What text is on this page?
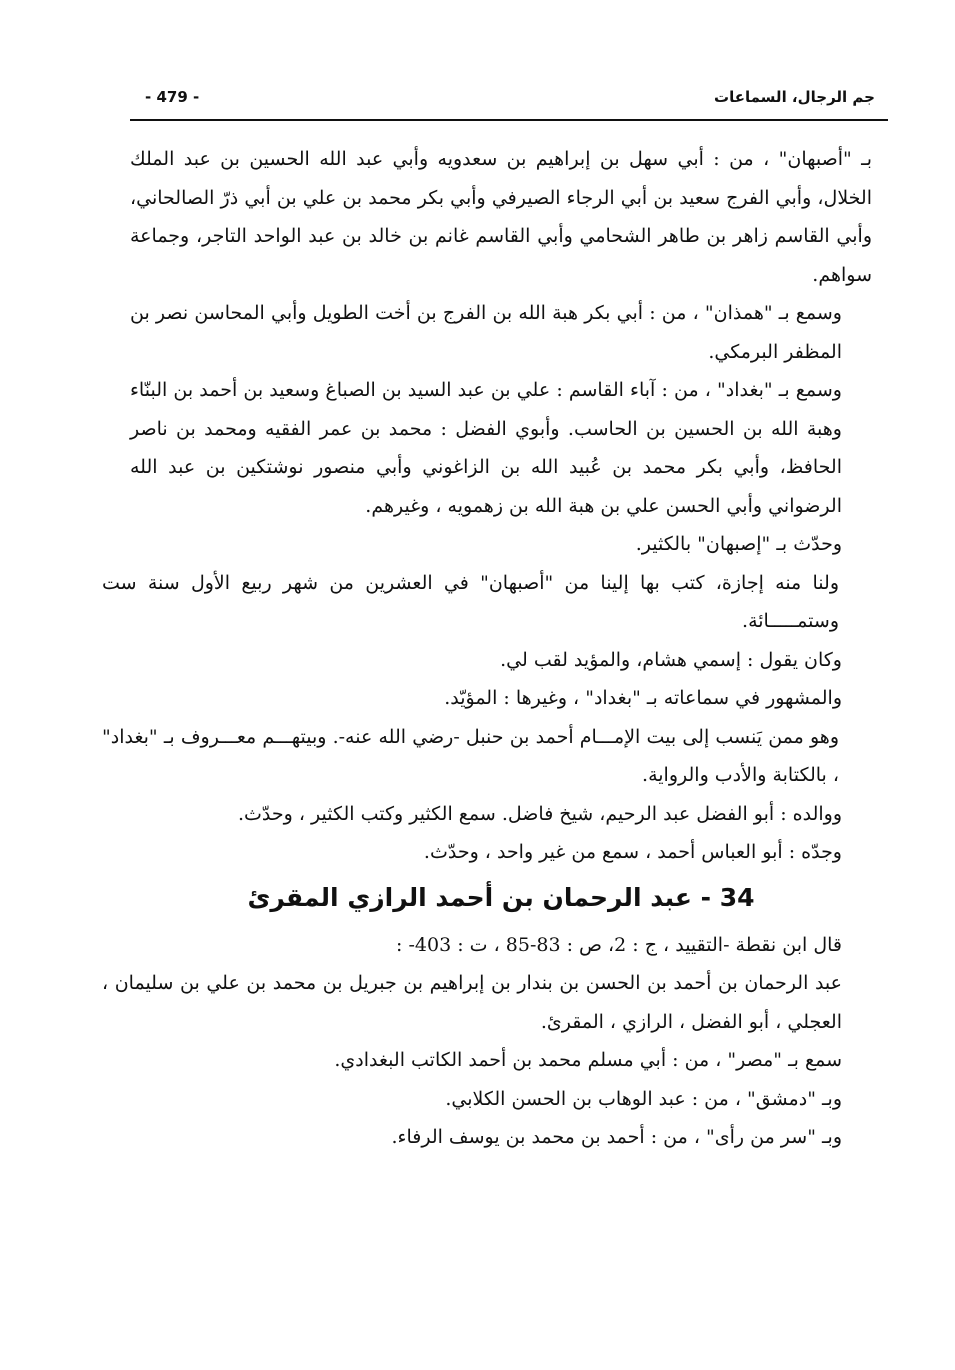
جم الرجال، السماعات
- 479 -

بـ "أصبهان" ، من : أبي سهل بن إبراهيم بن سعدويه وأبي عبد الله الحسين بن عبد الملك الخلال، وأبي الفرج سعيد بن أبي الرجاء الصيرفي وأبي بكر محمد بن علي بن أبي ذرّ الصالحاني، وأبي القاسم زاهر بن طاهر الشحامي وأبي القاسم غانم بن خالد بن عبد الواحد التاجر، وجماعة سواهم.

وسمع بـ "همذان" ، من : أبي بكر هبة الله بن الفرج بن أخت الطويل وأبي المحاسن نصر بن المظفر البرمكي.

وسمع بـ "بغداد" ، من : آباء القاسم : علي بن عبد السيد بن الصباغ وسعيد بن أحمد بن البنّاء وهبة الله بن الحسين بن الحاسب. وأبوي الفضل : محمد بن عمر الفقيه ومحمد بن ناصر الحافظ، وأبي بكر محمد بن عُبيد الله بن الزاغوني وأبي منصور نوشتكين بن عبد الله الرضواني وأبي الحسن علي بن هبة الله بن زهمويه ، وغيرهم.

وحدّث بـ "إصبهان" بالكثير.

ولنا منه إجازة، كتب بها إلينا من "أصبهان" في العشرين من شهر ربيع الأول سنة ست وستمـــــائة.

وكان يقول : إسمي هشام، والمؤيد لقب لي.

والمشهور في سماعاته بـ "بغداد" ، وغيرها : المؤيّد.

وهو ممن يَنسب إلى بيت الإمـــام أحمد بن حنبل -رضي الله عنه-. وبيتهـــم معـــروف بـ "بغداد" ، بالكتابة والأدب والرواية.

ووالده : أبو الفضل عبد الرحيم، شيخ فاضل. سمع الكثير وكتب الكثير ، وحدّث.

وجدّه : أبو العباس أحمد ، سمع من غير واحد ، وحدّث.

34 - عبد الرحمان بن أحمد الرازي المقرئ

قال ابن نقطة -التقييد ، ج : 2، ص : 83-85 ، ت : 403- :

عبد الرحمان بن أحمد بن الحسن بن بندار بن إبراهيم بن جبريل بن محمد بن علي بن سليمان ، العجلي ، أبو الفضل ، الرازي ، المقرئ.

سمع بـ "مصر" ، من : أبي مسلم محمد بن أحمد الكاتب البغدادي.

وبـ "دمشق" ، من : عبد الوهاب بن الحسن الكلابي.

وبـ "سر من رأى" ، من : أحمد بن محمد بن يوسف الرفاء.
